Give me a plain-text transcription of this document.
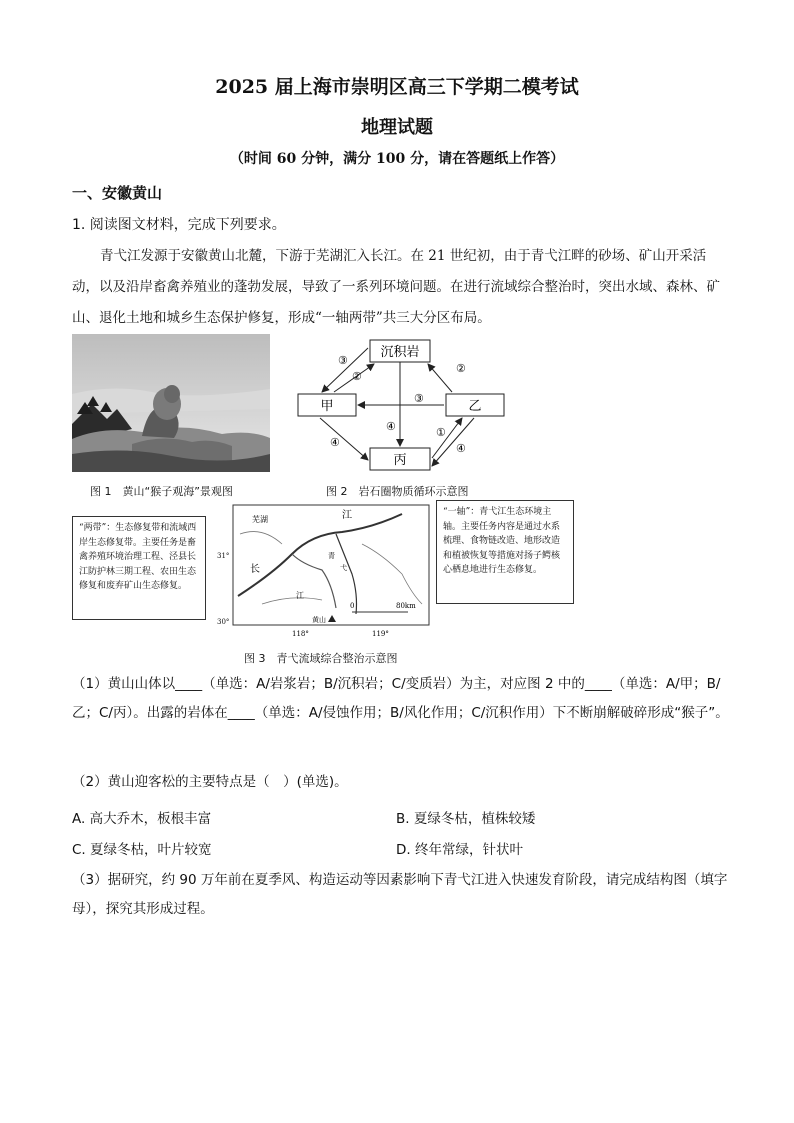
2025 届上海市崇明区高三下学期二模考试
地理试题
（时间 60 分钟，满分 100 分，请在答题纸上作答）
一、安徽黄山
1. 阅读图文材料，完成下列要求。
青弋江发源于安徽黄山北麓，下游于芜湖汇入长江。在 21 世纪初，由于青弋江畔的砂场、矿山开采活动，以及沿岸畜禽养殖业的蓬勃发展，导致了一系列环境问题。在进行流域综合整治时，突出水域、森林、矿山、退化土地和城乡生态保护修复，形成“一轴两带”共三大分区布局。
沉积岩
甲	乙
丙
③
②
②
③
④
④
①
④
图 1　黄山“猴子观海”景观图	图 2　岩石圈物质循环示意图
“两带”：生态修复带和流域西岸生态修复带。主要任务是畜禽养殖环境治理工程、泾县长江防护林三期工程、农田生态修复和废弃矿山生态修复。
“一轴”：青弋江生态环境主轴。主要任务内容是通过水系梳理、食物链改造、地形改造和植被恢复等措施对扬子鳄核心栖息地进行生态修复。
芜湖	江
长
江
青
弋
0	80km
黄山
118°	119°
31°
30°
图 3　青弋流域综合整治示意图
（1）黄山山体以____（单选：A/岩浆岩；B/沉积岩；C/变质岩）为主，对应图 2 中的____（单选：A/甲；B/乙；C/丙）。出露的岩体在____（单选：A/侵蚀作用；B/风化作用；C/沉积作用）下不断崩解破碎形成“猴子”。
（2）黄山迎客松的主要特点是（　）(单选)。
A. 高大乔木，板根丰富	B. 夏绿冬枯，植株较矮
C. 夏绿冬枯，叶片较宽	D. 终年常绿，针状叶
（3）据研究，约 90 万年前在夏季风、构造运动等因素影响下青弋江进入快速发育阶段，请完成结构图（填字母），探究其形成过程。
